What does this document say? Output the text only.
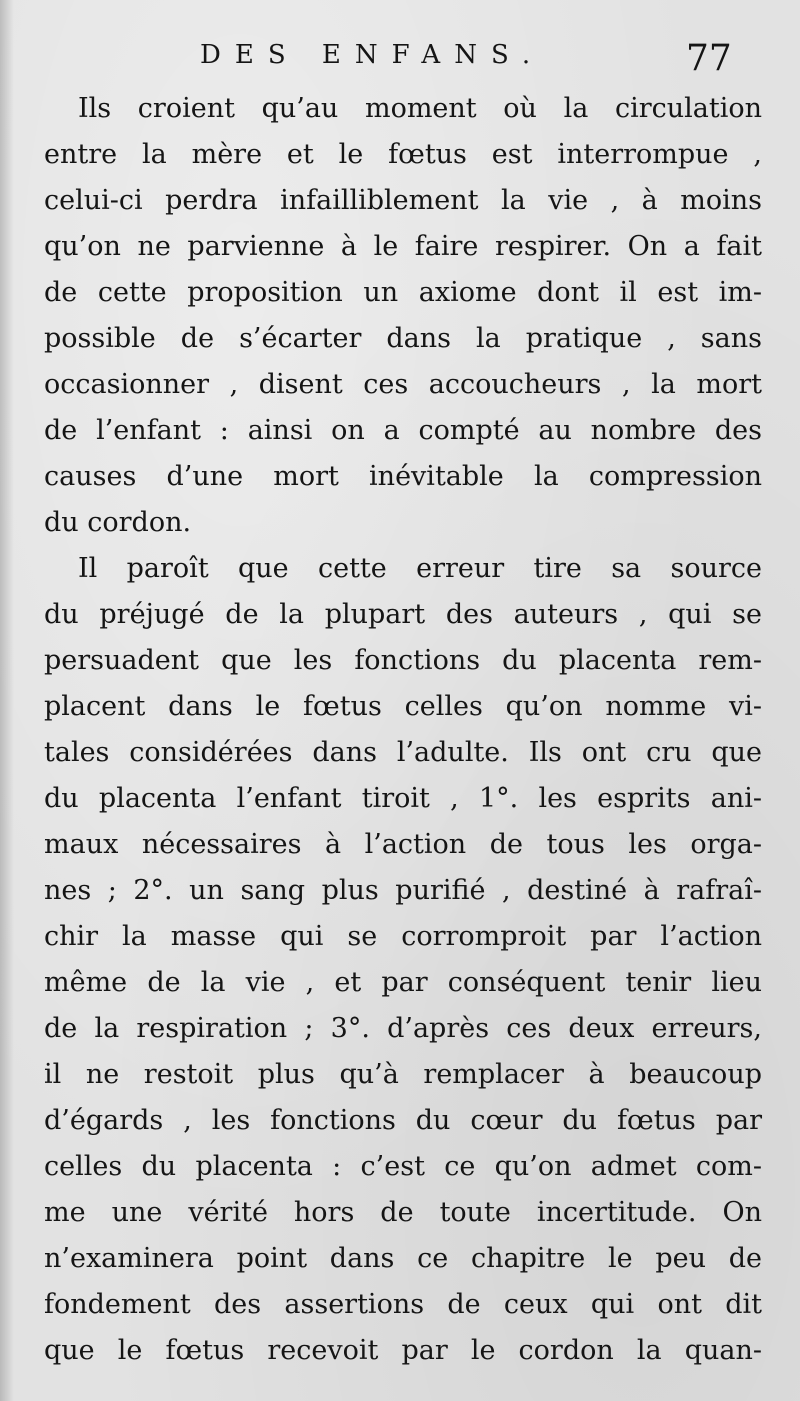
DES ENFANS.	77
Ils croient qu’au moment où la circulation
entre la mère et le fœtus est interrompue ,
celui-ci perdra infailliblement la vie , à moins
qu’on ne parvienne à le faire respirer. On a fait
de cette proposition un axiome dont il est im-
possible de s’écarter dans la pratique , sans
occasionner , disent ces accoucheurs , la mort
de l’enfant : ainsi on a compté au nombre des
causes d’une mort inévitable la compression
du cordon.
Il paroît que cette erreur tire sa source
du préjugé de la plupart des auteurs , qui se
persuadent que les fonctions du placenta rem-
placent dans le fœtus celles qu’on nomme vi-
tales considérées dans l’adulte. Ils ont cru que
du placenta l’enfant tiroit , 1°. les esprits ani-
maux nécessaires à l’action de tous les orga-
nes ; 2°. un sang plus purifié , destiné à rafraî-
chir la masse qui se corromproit par l’action
même de la vie , et par conséquent tenir lieu
de la respiration ; 3°. d’après ces deux erreurs,
il ne restoit plus qu’à remplacer à beaucoup
d’égards , les fonctions du cœur du fœtus par
celles du placenta : c’est ce qu’on admet com-
me une vérité hors de toute incertitude. On
n’examinera point dans ce chapitre le peu de
fondement des assertions de ceux qui ont dit
que le fœtus recevoit par le cordon la quan-
